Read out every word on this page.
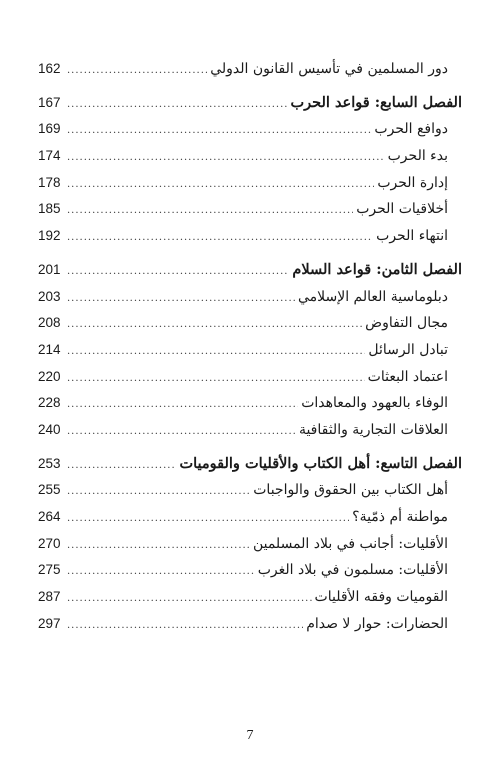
دور المسلمين في تأسيس القانون الدولي
.....
162
الفصل السابع: قواعد الحرب
.....
167
دوافع الحرب
.....
169
بدء الحرب
.....
174
إدارة الحرب
.....
178
أخلاقيات الحرب
.....
185
انتهاء الحرب
.....
192
الفصل الثامن: قواعد السلام
.....
201
دبلوماسية العالم الإسلامي
.....
203
مجال التفاوض
.....
208
تبادل الرسائل
.....
214
اعتماد البعثات
.....
220
الوفاء بالعهود والمعاهدات
.....
228
العلاقات التجارية والثقافية
.....
240
الفصل التاسع: أهل الكتاب والأقليات والقوميات
.....
253
أهل الكتاب بين الحقوق والواجبات
.....
255
مواطنة أم ذمّية؟
.....
264
الأقليات: أجانب في بلاد المسلمين
.....
270
الأقليات: مسلمون في بلاد الغرب
.....
275
القوميات وفقه الأقليات
.....
287
الحضارات: حوار لا صدام
.....
297
7
